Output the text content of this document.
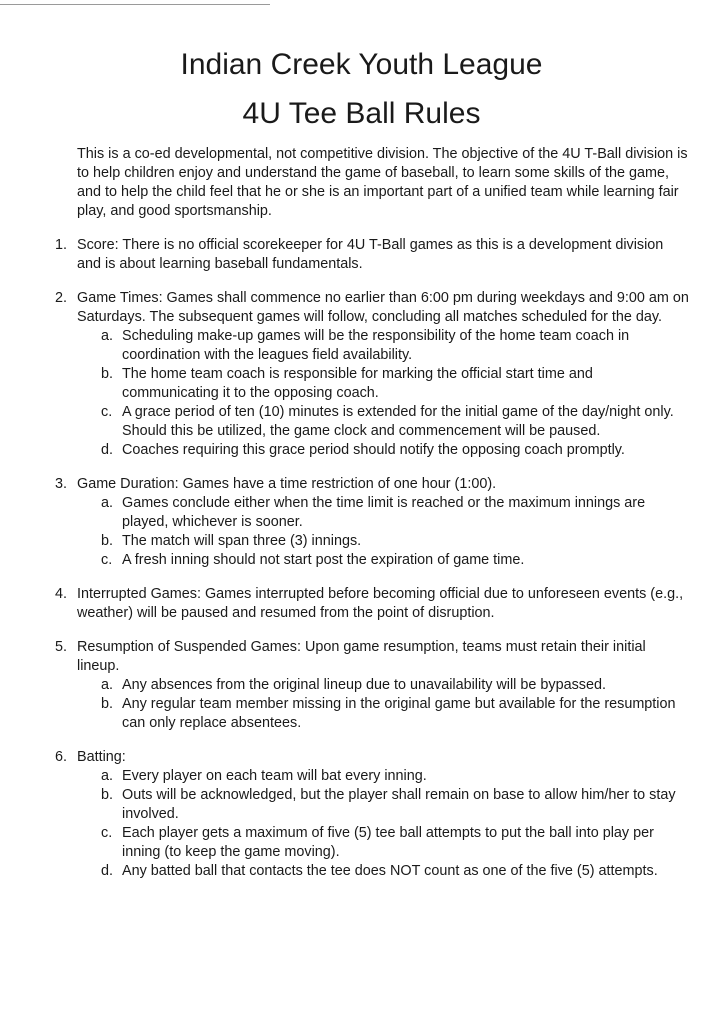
Indian Creek Youth League
4U Tee Ball Rules

This is a co-ed developmental, not competitive division. The objective of the 4U T-Ball division is to help children enjoy and understand the game of baseball, to learn some skills of the game, and to help the child feel that he or she is an important part of a unified team while learning fair play, and good sportsmanship.

1. Score: There is no official scorekeeper for 4U T-Ball games as this is a development division and is about learning baseball fundamentals.
2. Game Times: Games shall commence no earlier than 6:00 pm during weekdays and 9:00 am on Saturdays. The subsequent games will follow, concluding all matches scheduled for the day.
a. Scheduling make-up games will be the responsibility of the home team coach in coordination with the leagues field availability.
b. The home team coach is responsible for marking the official start time and communicating it to the opposing coach.
c. A grace period of ten (10) minutes is extended for the initial game of the day/night only. Should this be utilized, the game clock and commencement will be paused.
d. Coaches requiring this grace period should notify the opposing coach promptly.
3. Game Duration: Games have a time restriction of one hour (1:00).
a. Games conclude either when the time limit is reached or the maximum innings are played, whichever is sooner.
b. The match will span three (3) innings.
c. A fresh inning should not start post the expiration of game time.
4. Interrupted Games: Games interrupted before becoming official due to unforeseen events (e.g., weather) will be paused and resumed from the point of disruption.
5. Resumption of Suspended Games: Upon game resumption, teams must retain their initial lineup.
a. Any absences from the original lineup due to unavailability will be bypassed.
b. Any regular team member missing in the original game but available for the resumption can only replace absentees.
6. Batting:
a. Every player on each team will bat every inning.
b. Outs will be acknowledged, but the player shall remain on base to allow him/her to stay involved.
c. Each player gets a maximum of five (5) tee ball attempts to put the ball into play per inning (to keep the game moving).
d. Any batted ball that contacts the tee does NOT count as one of the five (5) attempts.
